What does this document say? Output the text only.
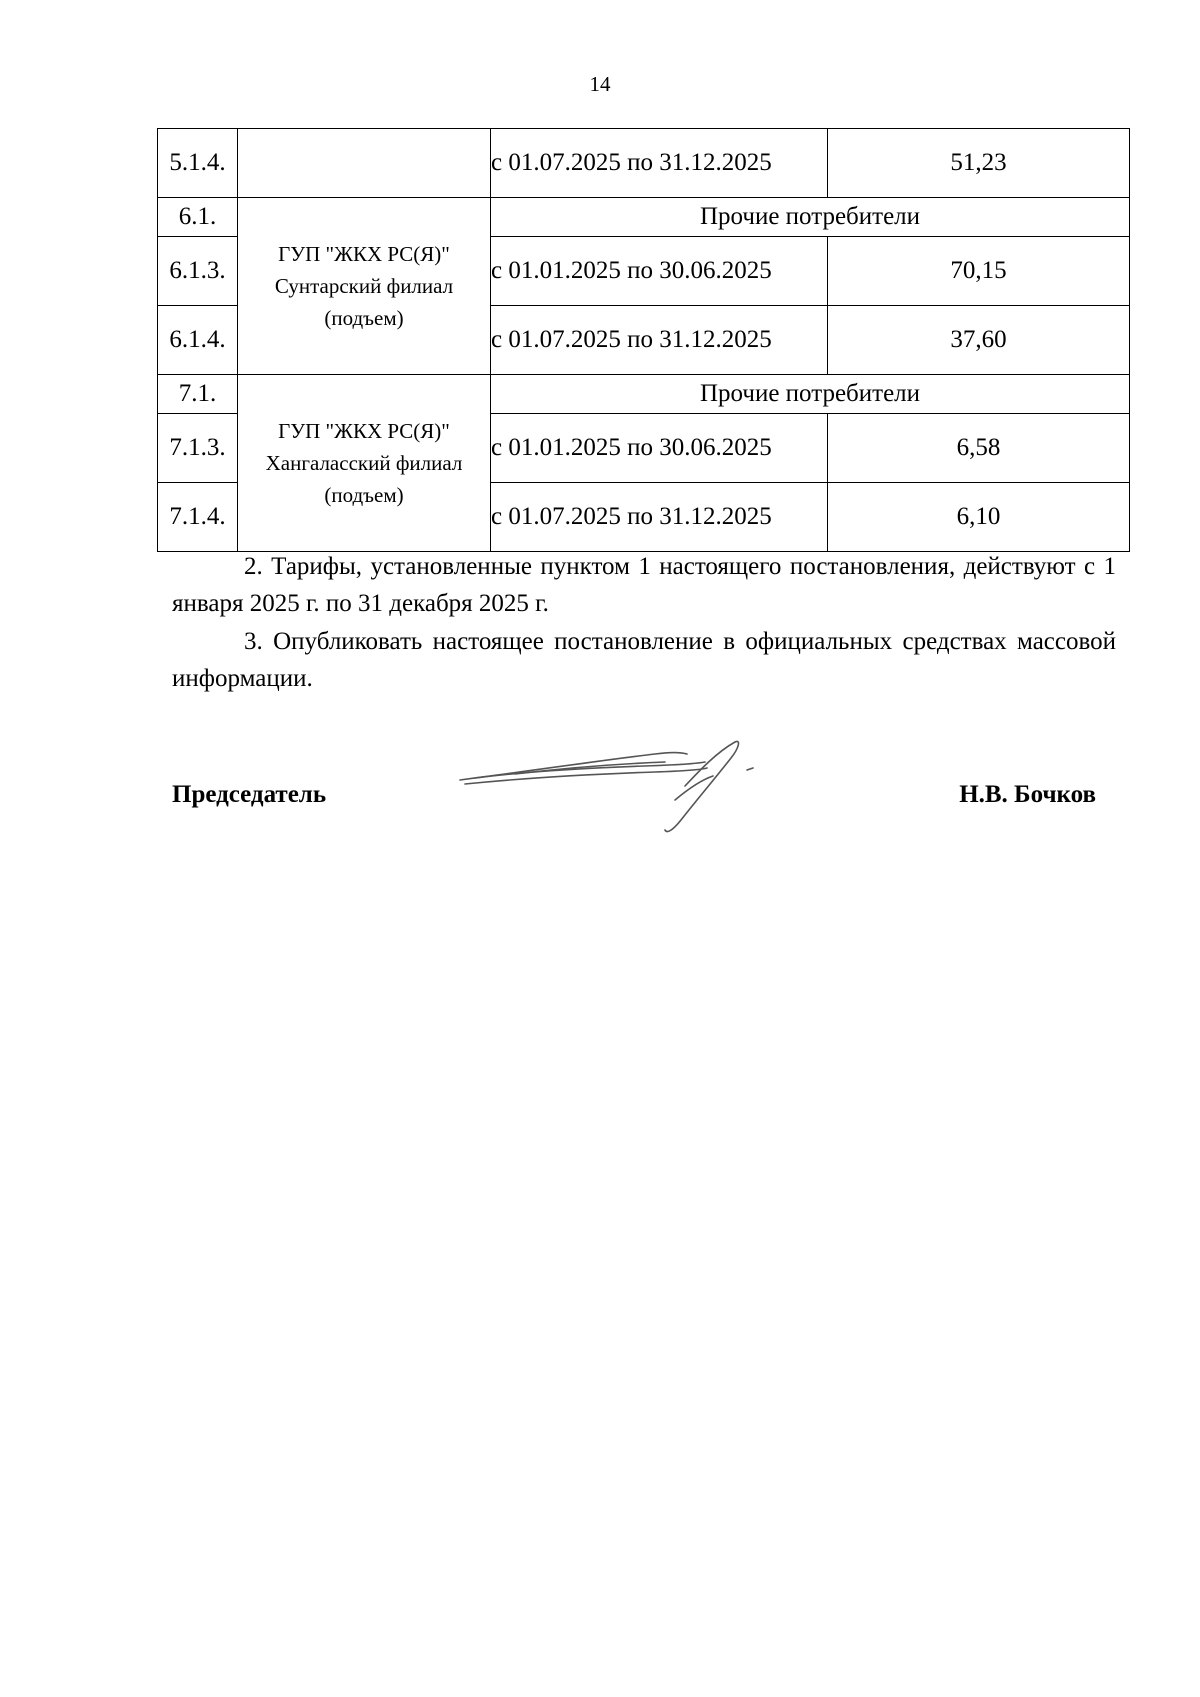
14
5.1.4.		с 01.07.2025 по 31.12.2025	51,23
6.1.	ГУП "ЖКХ РС(Я)"
Сунтарский филиал
(подъем)	Прочие потребители	
6.1.3.		с 01.01.2025 по 30.06.2025	70,15
6.1.4.		с 01.07.2025 по 31.12.2025	37,60
7.1.	ГУП "ЖКХ РС(Я)"
Хангаласский филиал
(подъем)	Прочие потребители	
7.1.3.		с 01.01.2025 по 30.06.2025	6,58
7.1.4.		с 01.07.2025 по 31.12.2025	6,10

2. Тарифы, установленные пунктом 1 настоящего постановления, действуют с 1 января 2025 г. по 31 декабря 2025 г.

3. Опубликовать настоящее постановление в официальных средствах массовой информации.

Председатель	Н.В. Бочков
